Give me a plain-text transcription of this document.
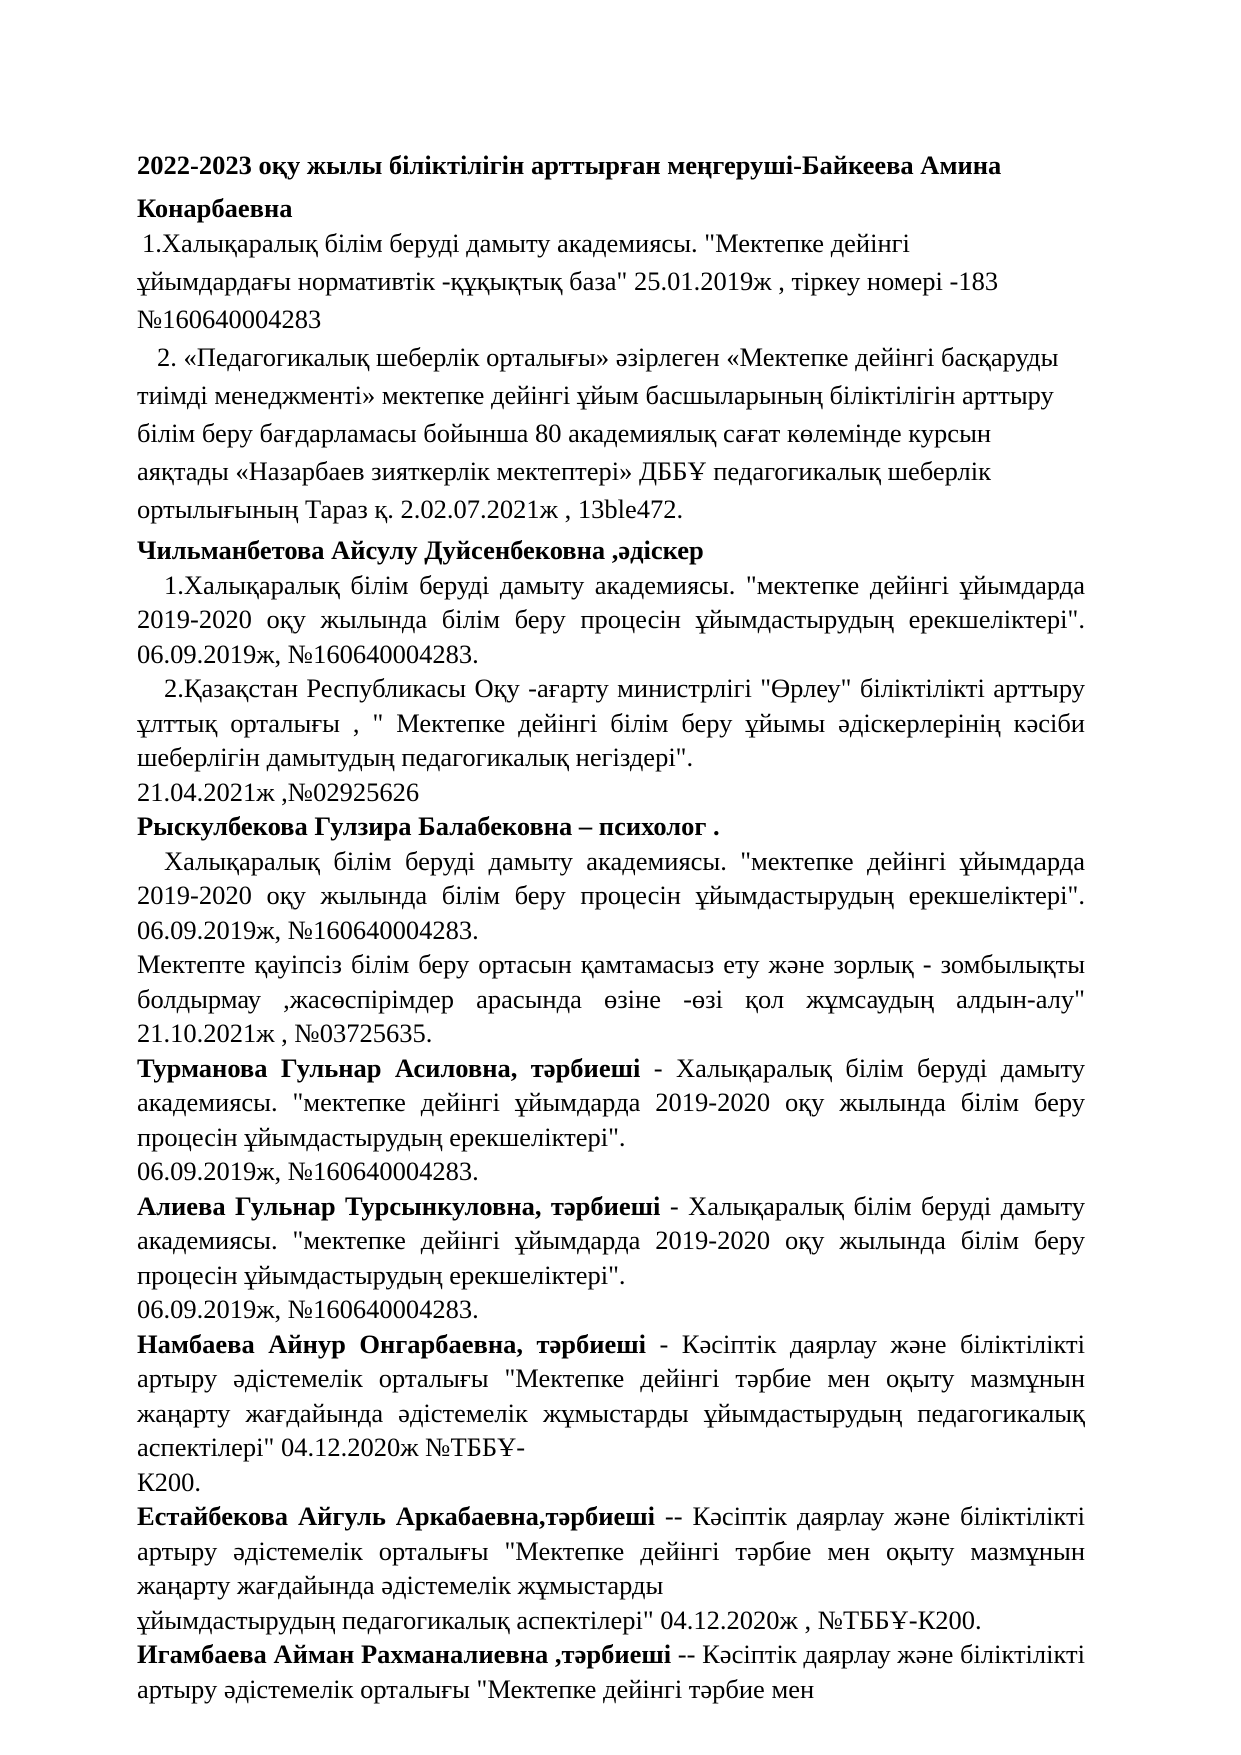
2022-2023 оқу жылы біліктілігін арттырған меңгеруші-Байкеева Амина Конарбаевна

1.Халықаралық білім беруді дамыту академиясы. "Мектепке дейінгі

ұйымдардағы нормативтік -құқықтық база" 25.01.2019ж , тіркеу номері -183

№160640004283

2. «Педагогикалық шеберлік орталығы» әзірлеген «Мектепке дейінгі басқаруды

тиімді менеджменті» мектепке дейінгі ұйым басшыларының біліктілігін арттыру

білім беру бағдарламасы бойынша 80 академиялық сағат көлемінде курсын

аяқтады «Назарбаев зияткерлік мектептері» ДББҰ педагогикалық шеберлік

ортылығының Тараз қ. 2.02.07.2021ж , 13ble472.

Чильманбетова Айсулу Дуйсенбековна ,әдіскер

1.Халықаралық білім беруді дамыту академиясы. "мектепке дейінгі ұйымдарда 2019-2020 оқу жылында білім беру процесін ұйымдастырудың ерекшеліктері". 06.09.2019ж, №160640004283.

2.Қазақстан Республикасы Оқу -ағарту министрлігі "Өрлеу" біліктілікті арттыру ұлттық орталығы , " Мектепке дейінгі білім беру ұйымы әдіскерлерінің кәсіби шеберлігін дамытудың педагогикалық негіздері".

21.04.2021ж ,№02925626

Рыскулбекова Гулзира Балабековна – психолог .

Халықаралық білім беруді дамыту академиясы. "мектепке дейінгі ұйымдарда 2019-2020 оқу жылында білім беру процесін ұйымдастырудың ерекшеліктері". 06.09.2019ж, №160640004283.

Мектепте қауіпсіз білім беру ортасын қамтамасыз ету және зорлық - зомбылықты болдырмау ,жасөспірімдер арасында өзіне -өзі қол жұмсаудың алдын-алу" 21.10.2021ж , №03725635.

Турманова Гульнар Асиловна, тәрбиеші - Халықаралық білім беруді дамыту академиясы. "мектепке дейінгі ұйымдарда 2019-2020 оқу жылында білім беру процесін ұйымдастырудың ерекшеліктері".

06.09.2019ж, №160640004283.

Алиева Гульнар Турсынкуловна, тәрбиеші - Халықаралық білім беруді дамыту академиясы. "мектепке дейінгі ұйымдарда 2019-2020 оқу жылында білім беру процесін ұйымдастырудың ерекшеліктері".

06.09.2019ж, №160640004283.

Намбаева Айнур Онгарбаевна, тәрбиеші - Кәсіптік даярлау және біліктілікті артыру әдістемелік орталығы "Мектепке дейінгі тәрбие мен оқыту мазмұнын жаңарту жағдайында әдістемелік жұмыстарды ұйымдастырудың педагогикалық аспектілері" 04.12.2020ж №ТББҰ-

К200.

Естайбекова Айгуль Аркабаевна,тәрбиеші -- Кәсіптік даярлау және біліктілікті артыру әдістемелік орталығы "Мектепке дейінгі тәрбие мен оқыту мазмұнын жаңарту жағдайында әдістемелік жұмыстарды

ұйымдастырудың педагогикалық аспектілері" 04.12.2020ж , №ТББҰ-К200.

Игамбаева Айман Рахманалиевна ,тәрбиеші -- Кәсіптік даярлау және біліктілікті артыру әдістемелік орталығы "Мектепке дейінгі тәрбие мен
